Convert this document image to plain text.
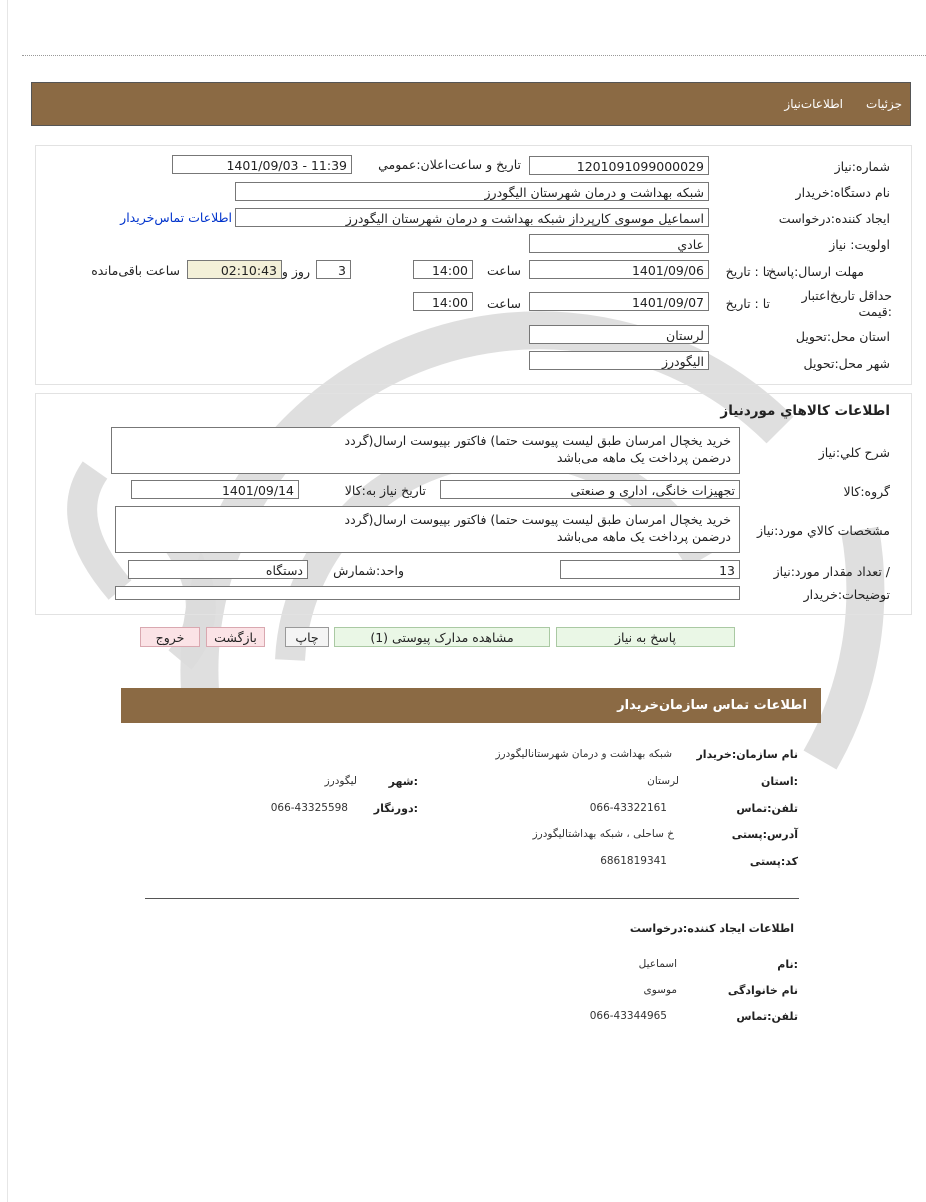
جزئیات
اطلاعات‌نیاز
شماره:نیاز
1201091099000029
تاریخ و ساعت‌اعلان:عمومي
1401/09/03 - 11:39
نام دستگاه:خریدار
شبکه بهداشت و درمان شهرستان الیگودرز
ایجاد کننده:درخواست
اسماعیل موسوی کارپرداز شبکه بهداشت و درمان شهرستان الیگودرز
اطلاعات تماس‌خریدار
اولویت: نیاز
عادي
مهلت ارسال:پاسخ
تا : تاریخ
1401/09/06
ساعت
14:00
3
روز و
02:10:43
ساعت باقی‌مانده
حداقل تاریخ‌اعتبار :قیمت
تا : تاریخ
1401/09/07
ساعت
14:00
استان محل:تحویل
لرستان
شهر محل:تحویل
الیگودرز
اطلاعات کالاهاي موردنياز
شرح کلي:نياز
خرید یخچال امرسان طبق لیست پیوست حتما) فاکتور بپیوست ارسال(گردد
درضمن پرداخت یک ماهه می‌باشد
گروه:کالا
تجهیزات خانگی، اداری و صنعتی
تاریخ نیاز به:کالا
1401/09/14
مشخصات کالاي مورد:نياز
خرید یخچال امرسان طبق لیست پیوست حتما) فاکتور بپیوست ارسال(گردد
درضمن پرداخت یک ماهه می‌باشد
/ تعداد مقدار مورد:نیاز
13
واحد:شمارش
دستگاه
توضیحات:خریدار
پاسخ به نیاز
مشاهده مدارک پیوستی (1)
چاپ
بازگشت
خروج
اطلاعات تماس سازمان‌خریدار
نام سازمان:خریدار
شبکه بهداشت و درمان شهرستانالیگودرز
:استان
لرستان
:شهر
لیگودرز
تلفن:تماس
066-43322161
:دورنگار
066-43325598
آدرس:پستی
خ ساحلی ، شبکه بهداشتالیگودرز
کد:پستی
6861819341
اطلاعات ایجاد کننده:درخواست
:نام
اسماعیل
نام خانوادگی
موسوی
تلفن:تماس
066-43344965
